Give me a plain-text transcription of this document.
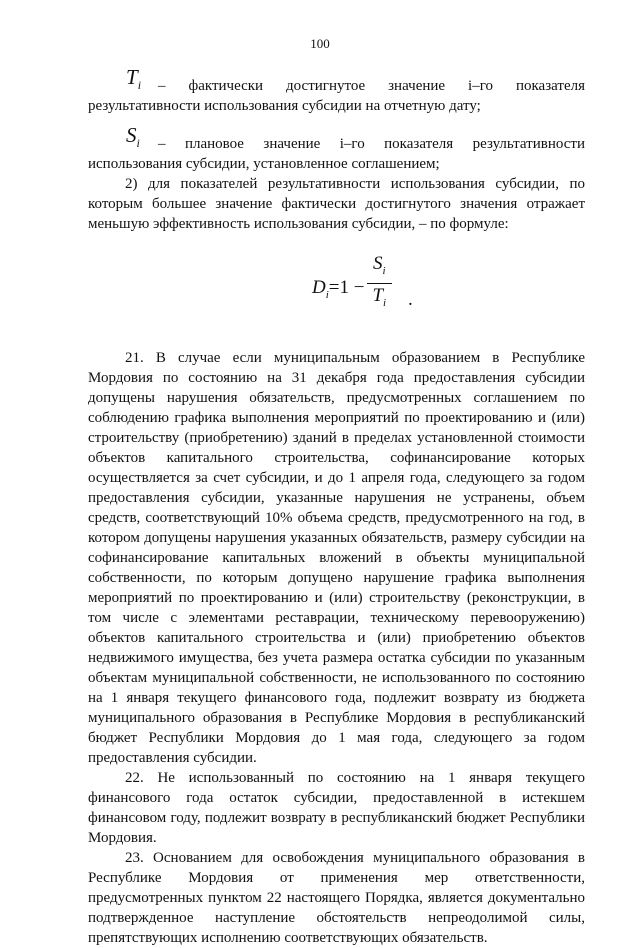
100
$T_i$	– фактически достигнутое значение i–го показателя
результативности использования субсидии на отчетную дату;
$S_i$	– плановое значение i–го показателя результативности
использования субсидии, установленное соглашением;

2) для показателей результативности использования субсидии, по которым большее значение фактически достигнутого значения отражает меньшую эффективность использования субсидии, – по формуле:

$D_i=1 - \frac{S_i}{T_i}$ .

21. В случае если муниципальным образованием в Республике Мордовия по состоянию на 31 декабря года предоставления субсидии допущены нарушения обязательств, предусмотренных соглашением по соблюдению графика выполнения мероприятий по проектированию и (или) строительству (приобретению) зданий в пределах установленной стоимости объектов капитального строительства, софинансирование которых осуществляется за счет субсидии, и до 1 апреля года, следующего за годом предоставления субсидии, указанные нарушения не устранены, объем средств, соответствующий 10% объема средств, предусмотренного на год, в котором допущены нарушения указанных обязательств, размеру субсидии на софинансирование капитальных вложений в объекты муниципальной собственности, по которым допущено нарушение графика выполнения мероприятий по проектированию и (или) строительству (реконструкции, в том числе с элементами реставрации, техническому перевооружению) объектов капитального строительства и (или) приобретению объектов недвижимого имущества, без учета размера остатка субсидии по указанным объектам муниципальной собственности, не использованного по состоянию на 1 января текущего финансового года, подлежит возврату из бюджета муниципального образования в Республике Мордовия в республиканский бюджет Республики Мордовия до 1 мая года, следующего за годом предоставления субсидии.

22. Не использованный по состоянию на 1 января текущего финансового года остаток субсидии, предоставленной в истекшем финансовом году, подлежит возврату в республиканский бюджет Республики Мордовия.

23. Основанием для освобождения муниципального образования в Республике Мордовия от применения мер ответственности, предусмотренных пунктом 22 настоящего Порядка, является документально подтвержденное наступление обстоятельств непреодолимой силы, препятствующих исполнению соответствующих обязательств.
